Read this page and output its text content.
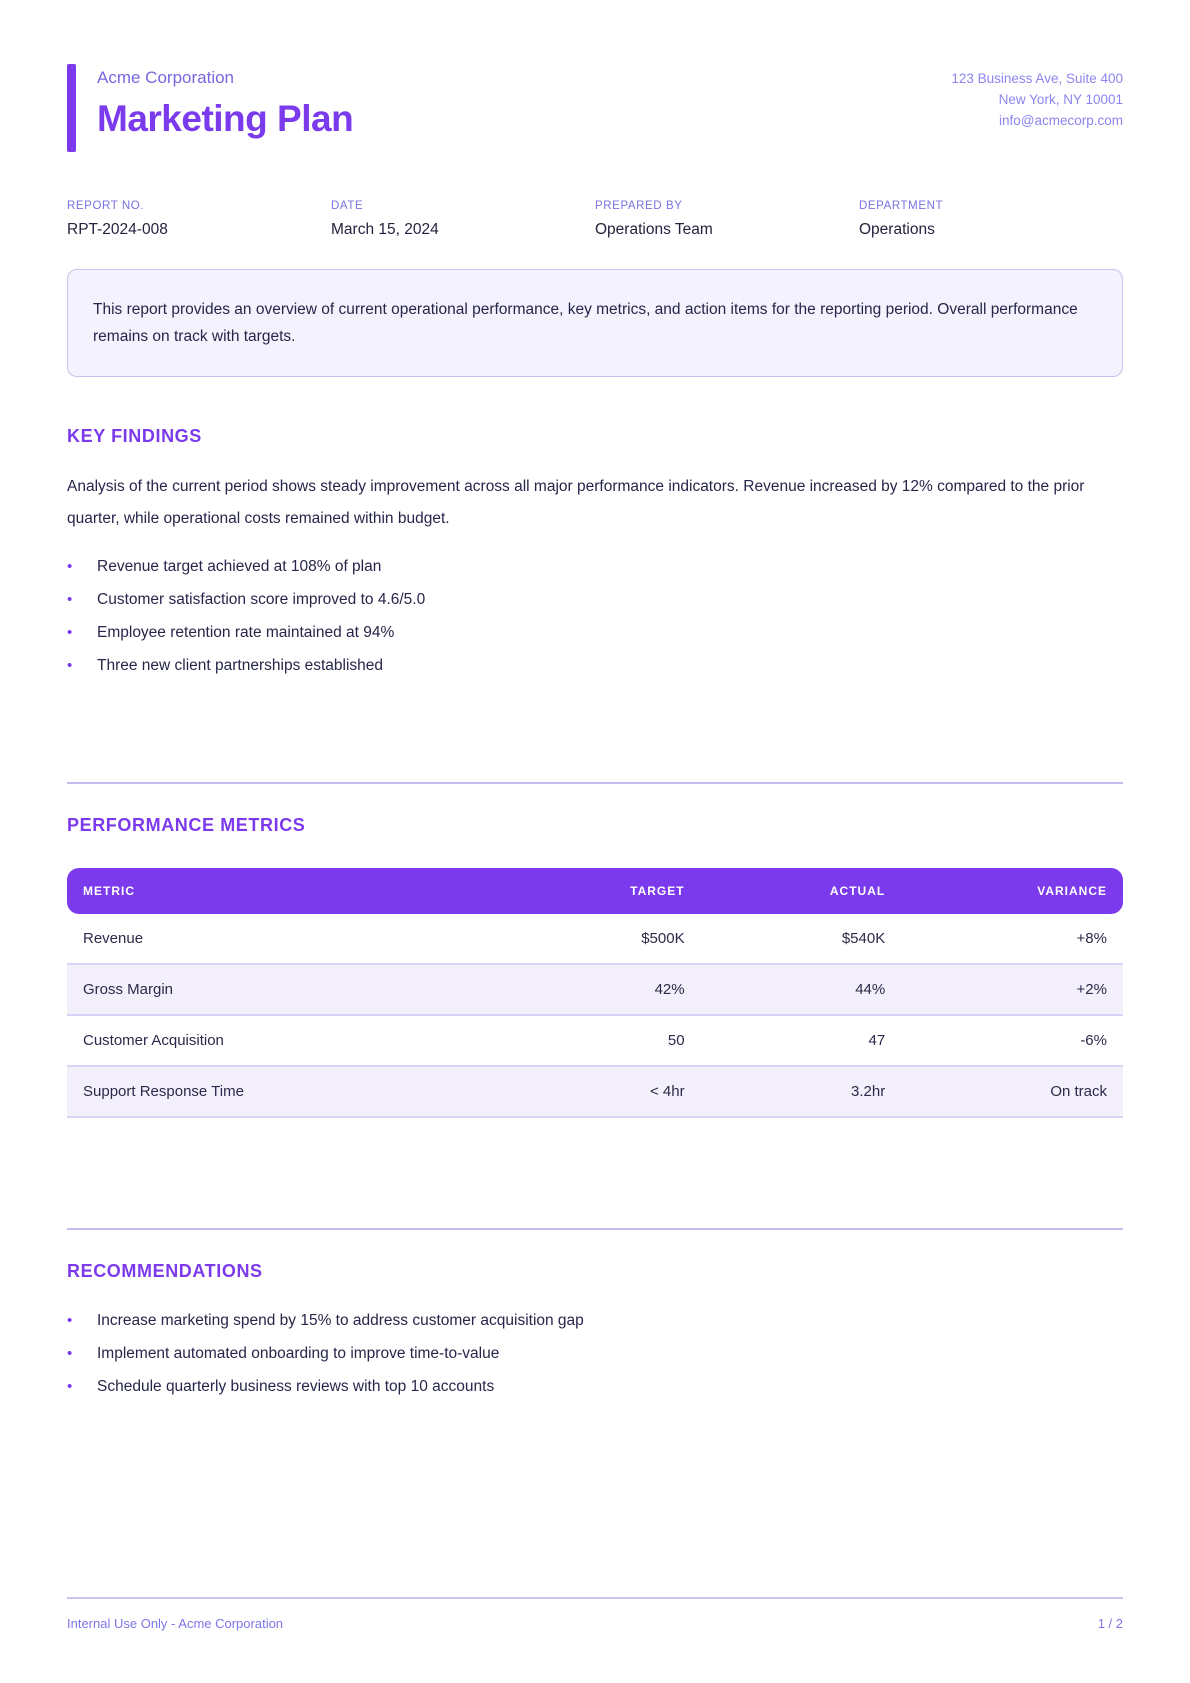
Acme Corporation
Marketing Plan
123 Business Ave, Suite 400
New York, NY 10001
info@acmecorp.com
REPORT NO.
RPT-2024-008
DATE
March 15, 2024
PREPARED BY
Operations Team
DEPARTMENT
Operations
This report provides an overview of current operational performance, key metrics, and action items for the reporting period. Overall performance remains on track with targets.
KEY FINDINGS

Analysis of the current period shows steady improvement across all major performance indicators. Revenue increased by 12% compared to the prior quarter, while operational costs remained within budget.

•	Revenue target achieved at 108% of plan
•	Customer satisfaction score improved to 4.6/5.0
•	Employee retention rate maintained at 94%
•	Three new client partnerships established
PERFORMANCE METRICS
METRIC	TARGET	ACTUAL	VARIANCE
Revenue	$500K	$540K	+8%
Gross Margin	42%	44%	+2%
Customer Acquisition	50	47	-6%
Support Response Time	< 4hr	3.2hr	On track
RECOMMENDATIONS
•	Increase marketing spend by 15% to address customer acquisition gap
•	Implement automated onboarding to improve time-to-value
•	Schedule quarterly business reviews with top 10 accounts
Internal Use Only - Acme Corporation	1 / 2
